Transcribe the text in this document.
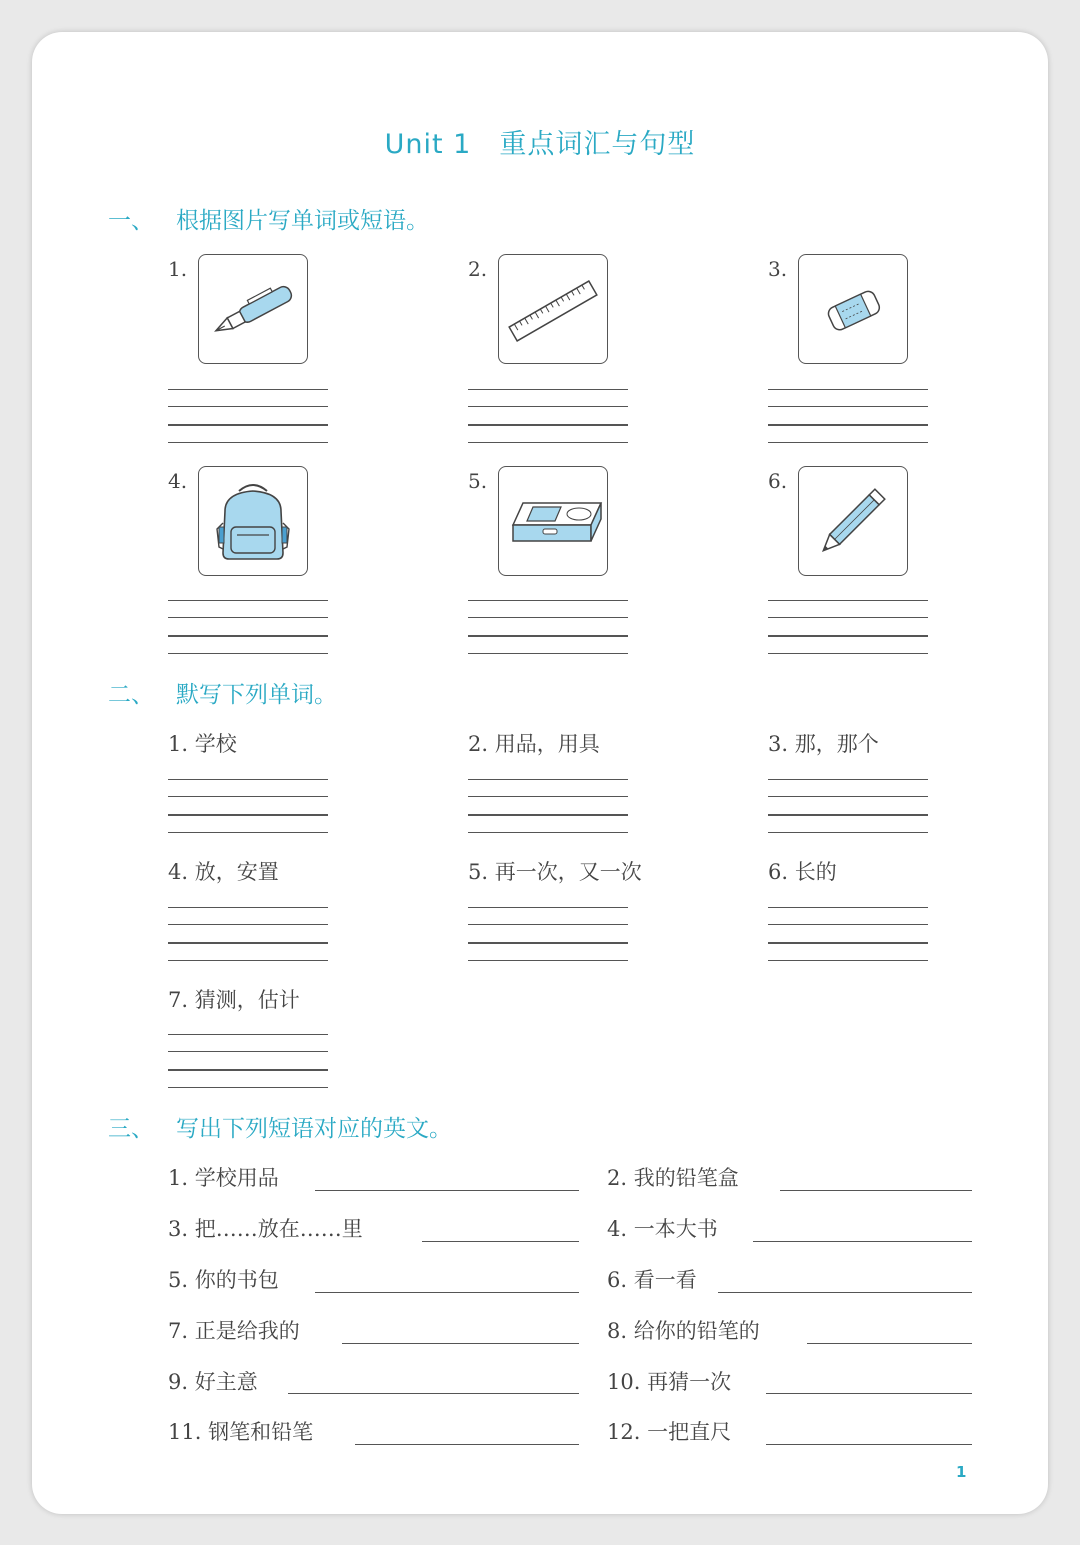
Unit 1 重点词汇与句型
一、 根据图片写单词或短语。
1.	2.	3.
4.	5.	6.
二、 默写下列单词。
1. 学校	2. 用品，用具	3. 那，那个
4. 放，安置	5. 再一次，又一次	6. 长的
7. 猜测，估计
三、 写出下列短语对应的英文。
1. 学校用品	2. 我的铅笔盒
3. 把……放在……里	4. 一本大书
5. 你的书包	6. 看一看
7. 正是给我的	8. 给你的铅笔的
9. 好主意	10. 再猜一次
11. 钢笔和铅笔	12. 一把直尺
1
